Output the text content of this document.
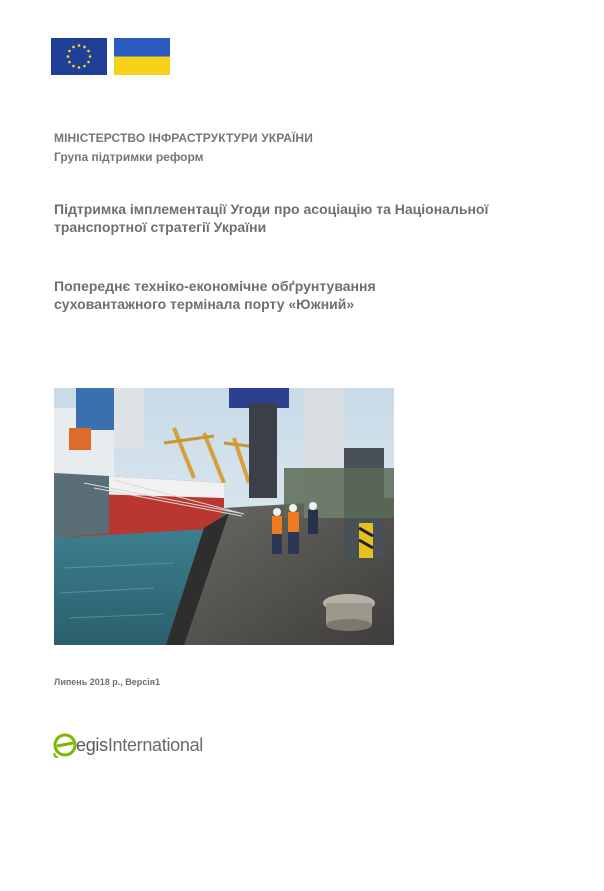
МІНІСТЕРСТВО ІНФРАСТРУКТУРИ УКРАЇНИ
Група підтримки реформ
Підтримка імплементації Угоди про асоціацію та Національної
транспортної стратегії України
Попереднє техніко-економічне обґрунтування
суховантажного термінала порту «Южний»
Липень 2018 р., Версія1
egisInternational
